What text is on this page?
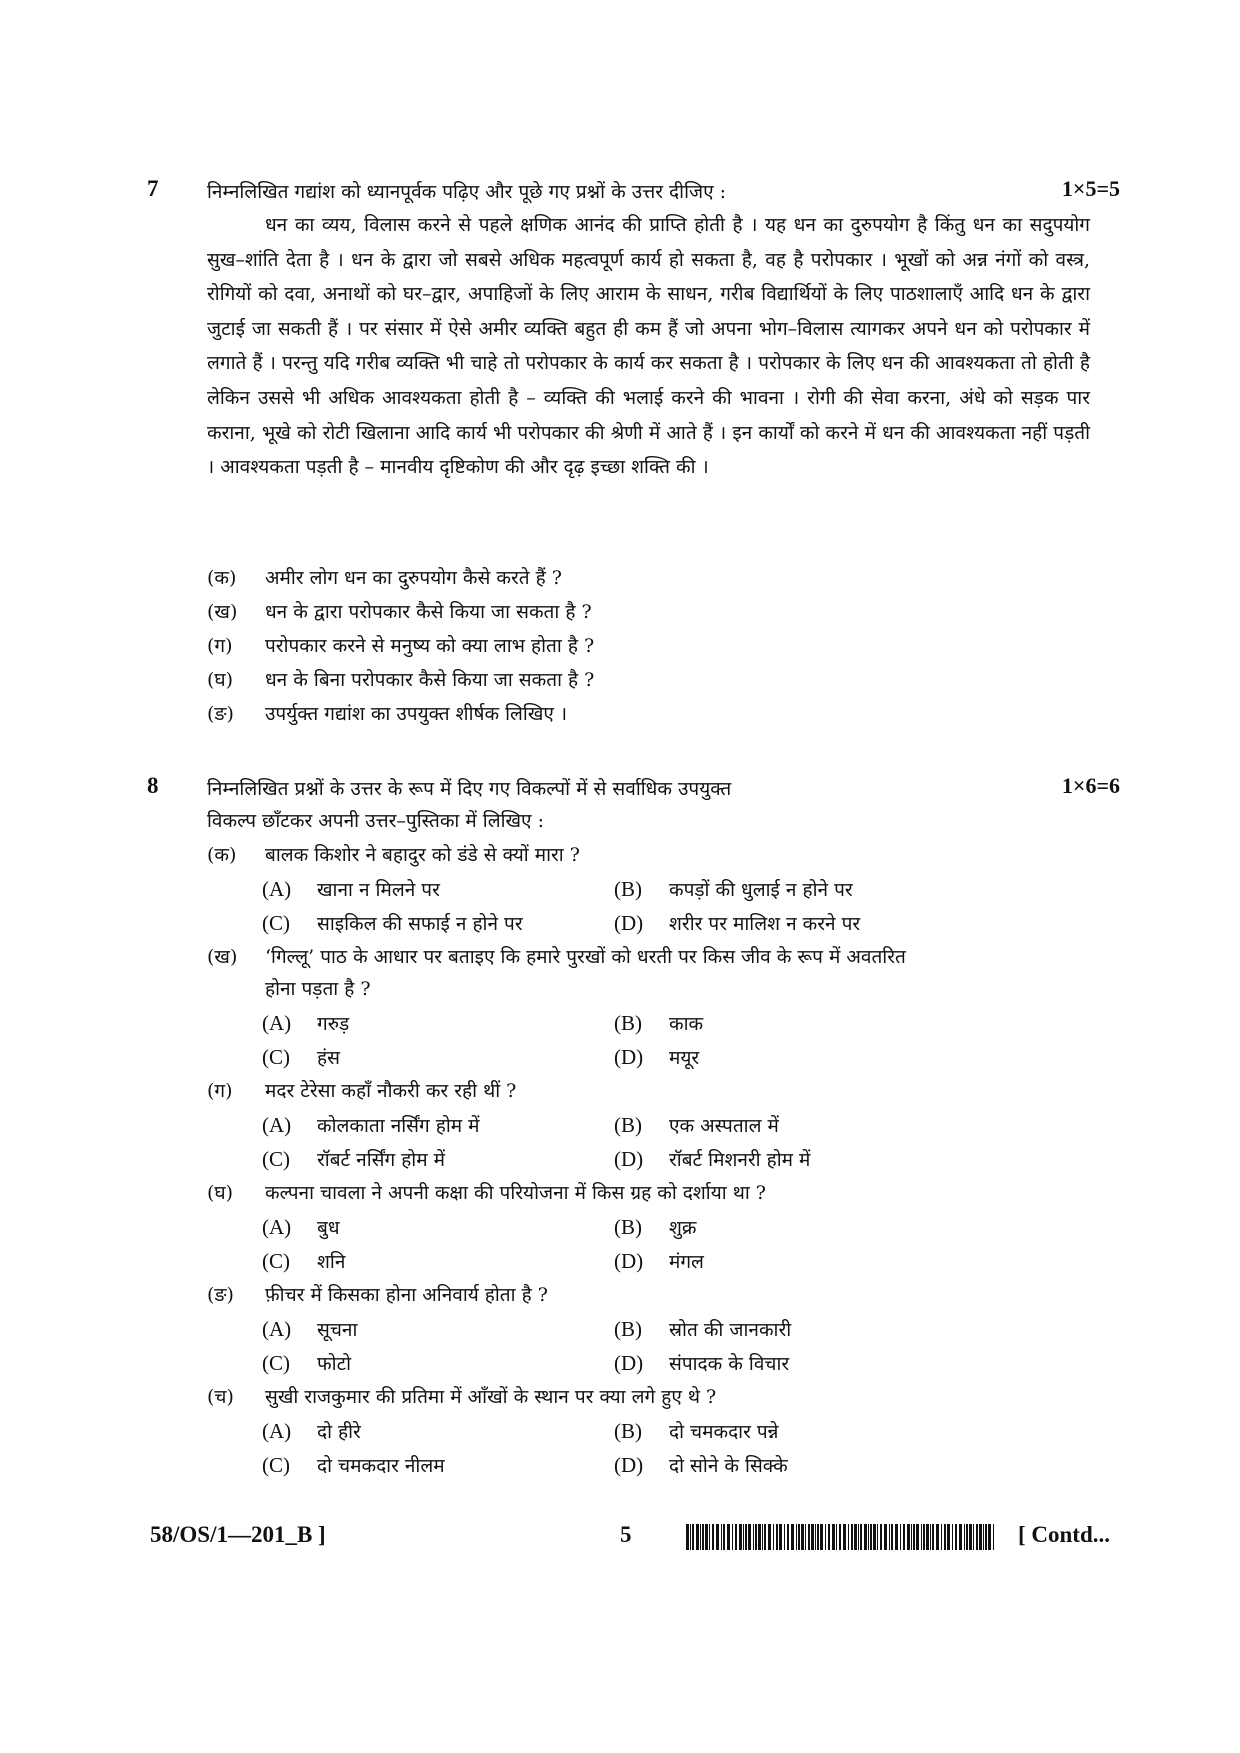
7	निम्नलिखित गद्यांश को ध्यानपूर्वक पढ़िए और पूछे गए प्रश्नों के उत्तर दीजिए :	1×5=5
धन का व्यय, विलास करने से पहले क्षणिक आनंद की प्राप्ति होती है । यह धन का दुरुपयोग है किंतु धन का सदुपयोग सुख–शांति देता है । धन के द्वारा जो सबसे अधिक महत्वपूर्ण कार्य हो सकता है, वह है परोपकार । भूखों को अन्न नंगों को वस्त्र, रोगियों को दवा, अनाथों को घर–द्वार, अपाहिजों के लिए आराम के साधन, गरीब विद्यार्थियों के लिए पाठशालाएँ आदि धन के द्वारा जुटाई जा सकती हैं । पर संसार में ऐसे अमीर व्यक्ति बहुत ही कम हैं जो अपना भोग–विलास त्यागकर अपने धन को परोपकार में लगाते हैं । परन्तु यदि गरीब व्यक्ति भी चाहे तो परोपकार के कार्य कर सकता है । परोपकार के लिए धन की आवश्यकता तो होती है लेकिन उससे भी अधिक आवश्यकता होती है – व्यक्ति की भलाई करने की भावना । रोगी की सेवा करना, अंधे को सड़क पार कराना, भूखे को रोटी खिलाना आदि कार्य भी परोपकार की श्रेणी में आते हैं । इन कार्यों को करने में धन की आवश्यकता नहीं पड़ती । आवश्यकता पड़ती है – मानवीय दृष्टिकोण की और दृढ़ इच्छा शक्ति की ।
(क) अमीर लोग धन का दुरुपयोग कैसे करते हैं ?
(ख) धन के द्वारा परोपकार कैसे किया जा सकता है ?
(ग) परोपकार करने से मनुष्य को क्या लाभ होता है ?
(घ) धन के बिना परोपकार कैसे किया जा सकता है ?
(ङ) उपर्युक्त गद्यांश का उपयुक्त शीर्षक लिखिए ।
8	निम्नलिखित प्रश्नों के उत्तर के रूप में दिए गए विकल्पों में से सर्वाधिक उपयुक्त
विकल्प छाँटकर अपनी उत्तर–पुस्तिका में लिखिए :
1×6=6
(क) बालक किशोर ने बहादुर को डंडे से क्यों मारा ?
(A) खाना न मिलने पर	(B) कपड़ों की धुलाई न होने पर
(C) साइकिल की सफाई न होने पर	(D) शरीर पर मालिश न करने पर
(ख) ‘गिल्लू’ पाठ के आधार पर बताइए कि हमारे पुरखों को धरती पर किस जीव के रूप में अवतरित
होना पड़ता है ?
(A) गरुड़	(B) काक
(C) हंस	(D) मयूर
(ग) मदर टेरेसा कहाँ नौकरी कर रही थीं ?
(A) कोलकाता नर्सिंग होम में	(B) एक अस्पताल में
(C) रॉबर्ट नर्सिंग होम में	(D) रॉबर्ट मिशनरी होम में
(घ) कल्पना चावला ने अपनी कक्षा की परियोजना में किस ग्रह को दर्शाया था ?
(A) बुध	(B) शुक्र
(C) शनि	(D) मंगल
(ङ) फ़ीचर में किसका होना अनिवार्य होता है ?
(A) सूचना	(B) स्रोत की जानकारी
(C) फोटो	(D) संपादक के विचार
(च) सुखी राजकुमार की प्रतिमा में आँखों के स्थान पर क्या लगे हुए थे ?
(A) दो हीरे	(B) दो चमकदार पन्ने
(C) दो चमकदार नीलम	(D) दो सोने के सिक्के
58/OS/1—201_B ]	5	[ Contd...
